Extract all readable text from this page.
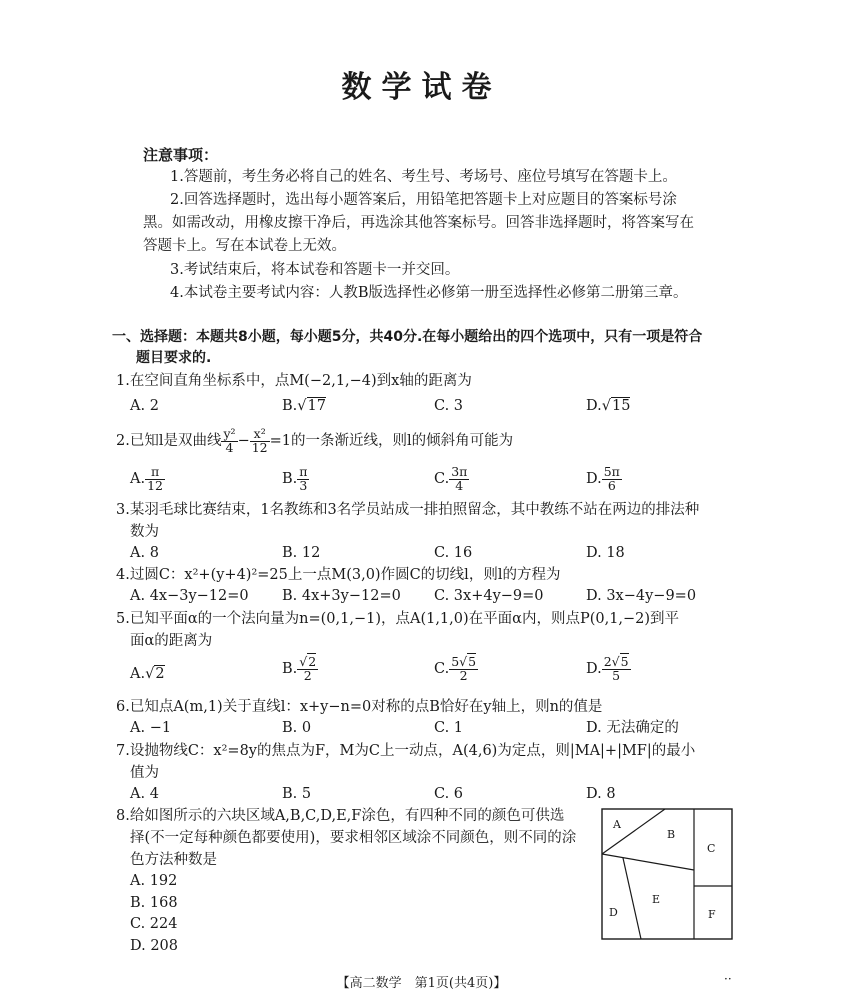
数学试卷
注意事项：
1.答题前，考生务必将自己的姓名、考生号、考场号、座位号填写在答题卡上。
2.回答选择题时，选出每小题答案后，用铅笔把答题卡上对应题目的答案标号涂
黑。如需改动，用橡皮擦干净后，再选涂其他答案标号。回答非选择题时，将答案写在
答题卡上。写在本试卷上无效。
3.考试结束后，将本试卷和答题卡一并交回。
4.本试卷主要考试内容：人教B版选择性必修第一册至选择性必修第二册第三章。
一、选择题：本题共8小题，每小题5分，共40分.在每小题给出的四个选项中，只有一项是符合
题目要求的.
1.在空间直角坐标系中，点M(−2,1,−4)到x轴的距离为
A. 2	B.√17	C. 3	D.√15
2.已知l是双曲线 $\frac{\text{y²}}{4} - \frac{\text{x²}}{12} =1$的一条渐近线，则l的倾斜角可能为
A. $\frac{\pi}{12}$	B. $\frac{\pi}{3}$	C. $\frac{3\pi}{4}$	D. $\frac{5\pi}{6}$
3.某羽毛球比赛结束，1名教练和3名学员站成一排拍照留念，其中教练不站在两边的排法种
数为
A. 8	B. 12	C. 16	D. 18
4.过圆C：x²+(y+4)²=25上一点M(3,0)作圆C的切线l，则l的方程为
A. 4x−3y−12=0 B. 4x+3y−12=0 C. 3x+4y−9=0	D. 3x−4y−9=0
5.已知平面α的一个法向量为n=(0,1,−1)，点A(1,1,0)在平面α内，则点P(0,1,−2)到平
面α的距离为
A.√2	B. $\frac{√2}{2}$	C. $\frac{5√5}{2}$	D. $\frac{2√5}{5}$
6.已知点A(m,1)关于直线l：x+y−n=0对称的点B恰好在y轴上，则n的值是
A. −1	B. 0	C. 1	D. 无法确定的
7.设抛物线C：x²=8y的焦点为F，M为C上一动点，A(4,6)为定点，则|MA|+|MF|的最小
值为
A. 4	B. 5	C. 6	D. 8
8.给如图所示的六块区域A,B,C,D,E,F涂色，有四种不同的颜色可供选
择(不一定每种颜色都要使用)，要求相邻区域涂不同颜色，则不同的涂
色方法种数是
A. 192
B. 168
C. 224
D. 208
A
B
C
D
E
F
【高二数学　第1页(共4页)】	··
